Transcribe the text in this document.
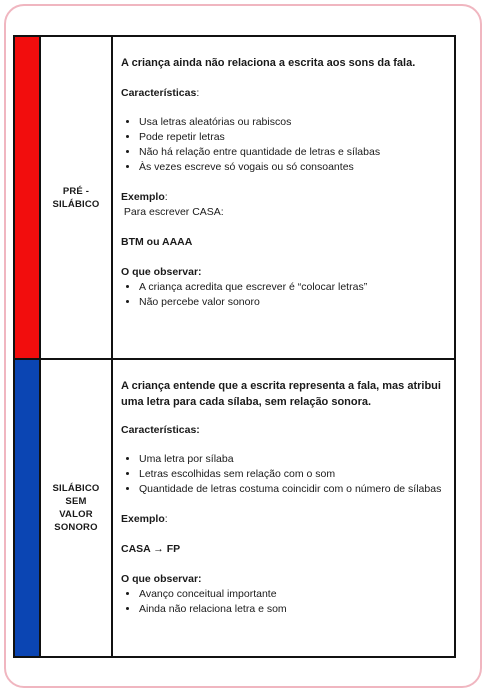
PRÉ -
SILÁBICO

A criança ainda não relaciona a escrita aos sons da fala.

Características:

• Usa letras aleatórias ou rabiscos
• Pode repetir letras
• Não há relação entre quantidade de letras e sílabas
• Às vezes escreve só vogais ou só consoantes

Exemplo:

Para escrever CASA:

BTM ou AAAA

O que observar:

• A criança acredita que escrever é “colocar letras”
• Não percebe valor sonoro
SILÁBICO
SEM
VALOR
SONORO

A criança entende que a escrita representa a fala, mas atribui uma letra para cada sílaba, sem relação sonora.

Características:

• Uma letra por sílaba
• Letras escolhidas sem relação com o som
• Quantidade de letras costuma coincidir com o número de sílabas

Exemplo:

CASA → FP

O que observar:

• Avanço conceitual importante
• Ainda não relaciona letra e som
